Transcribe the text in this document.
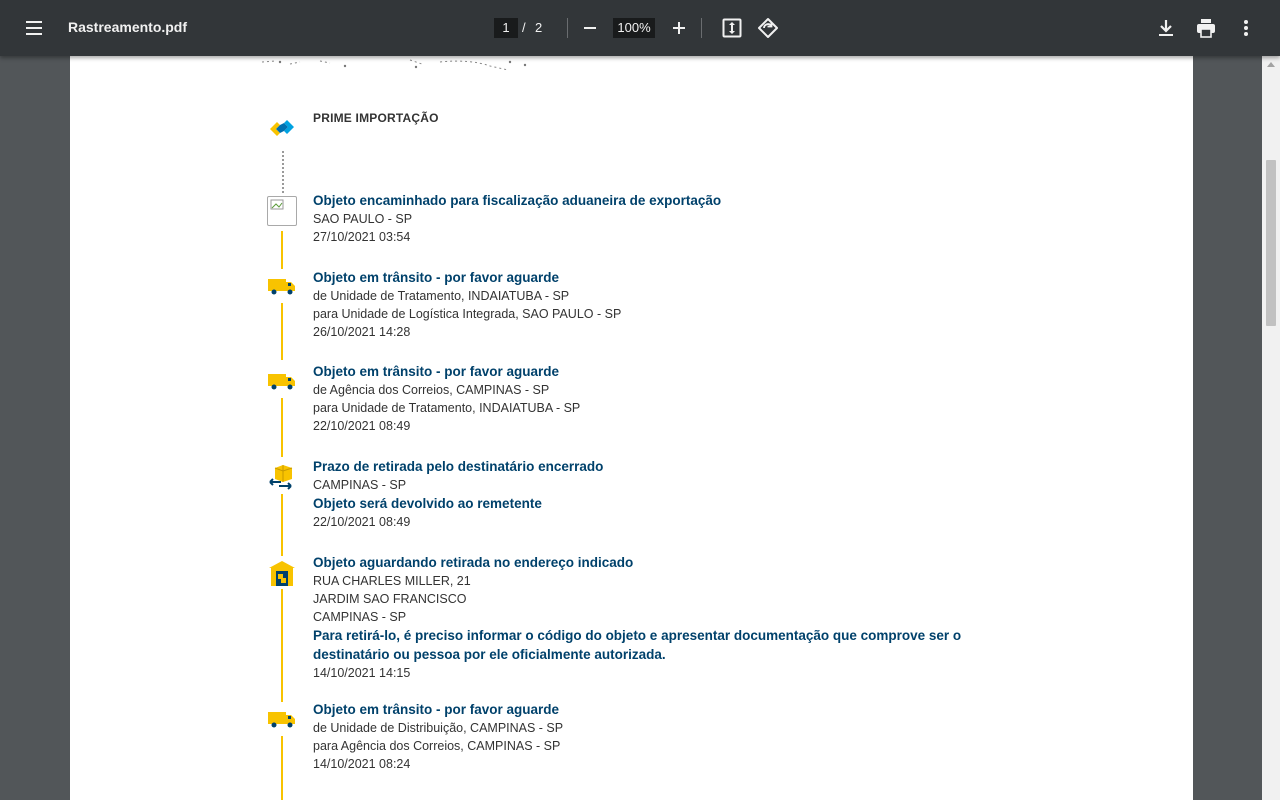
Rastreamento.pdf	1 / 2	100%
PRIME IMPORTAÇÃO
Objeto encaminhado para fiscalização aduaneira de exportação
SAO PAULO - SP
27/10/2021 03:54
Objeto em trânsito - por favor aguarde
de Unidade de Tratamento, INDAIATUBA - SP
para Unidade de Logística Integrada, SAO PAULO - SP
26/10/2021 14:28
Objeto em trânsito - por favor aguarde
de Agência dos Correios, CAMPINAS - SP
para Unidade de Tratamento, INDAIATUBA - SP
22/10/2021 08:49
Prazo de retirada pelo destinatário encerrado
CAMPINAS - SP
Objeto será devolvido ao remetente
22/10/2021 08:49
Objeto aguardando retirada no endereço indicado
RUA CHARLES MILLER, 21
JARDIM SAO FRANCISCO
CAMPINAS - SP
Para retirá-lo, é preciso informar o código do objeto e apresentar documentação que comprove ser o destinatário ou pessoa por ele oficialmente autorizada.
14/10/2021 14:15
Objeto em trânsito - por favor aguarde
de Unidade de Distribuição, CAMPINAS - SP
para Agência dos Correios, CAMPINAS - SP
14/10/2021 08:24
